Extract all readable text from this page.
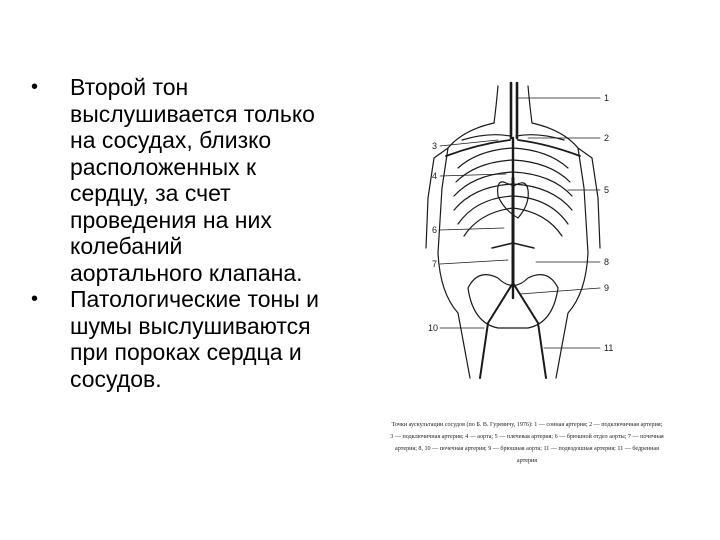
• Второй тон
выслушивается только
на сосудах, близко
расположенных к
сердцу, за счет
проведения на них
колебаний
аортального клапана.
• Патологические тоны и
шумы выслушиваются
при пороках сердца и
сосудов.
1
2
3
4
5
6
7	8
9
10
11
Точки аускультации сосудов (по Б. В. Гуревичу, 1976): 1 — сонная артерия; 2 — подключичная артерия;
3 — подключичная артерия; 4 — аорта; 5 — плечевая артерия; 6 — брюшной отдел аорты; 7 — почечная
артерия; 8, 10 — почечная артерия; 9 — брюшная аорта; 11 — подвздошная артерия; 11 — бедренная
артерия
